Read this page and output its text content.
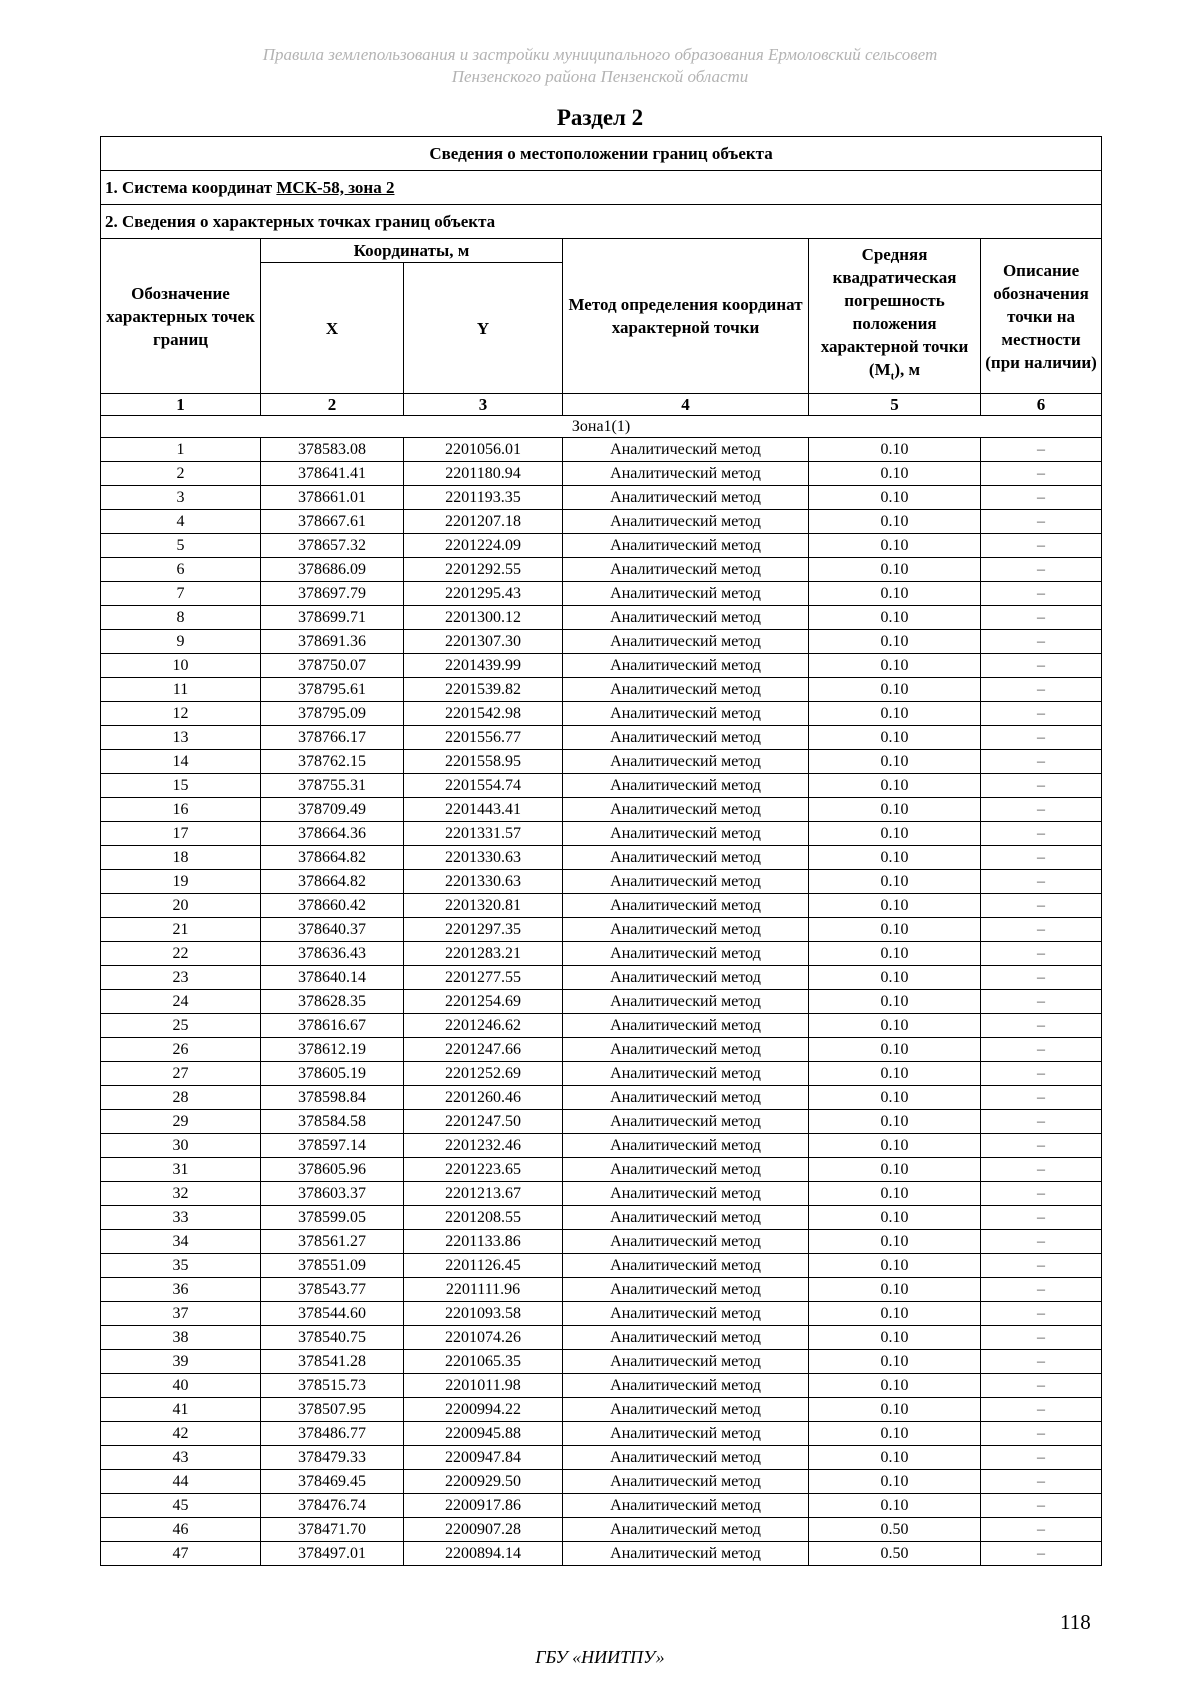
Правила землепользования и застройки муниципального образования Ермоловский сельсовет
Пензенского района Пензенской области
Раздел 2
Сведения о местоположении границ объекта					
1. Система координат МСК-58, зона 2					
2. Сведения о характерных точках границ объекта					
Обозначение характерных точек границ	Координаты, м		Метод определения координат характерной точки	Средняя квадратическая погрешность положения характерной точки $(M_t)$, м	Описание обозначения точки на местности (при наличии)
	X	Y			
1	2	3	4	5	6
Зона1(1)					
1	378583.08	2201056.01	Аналитический метод	0.10	–
2	378641.41	2201180.94	Аналитический метод	0.10	–
3	378661.01	2201193.35	Аналитический метод	0.10	–
4	378667.61	2201207.18	Аналитический метод	0.10	–
5	378657.32	2201224.09	Аналитический метод	0.10	–
6	378686.09	2201292.55	Аналитический метод	0.10	–
7	378697.79	2201295.43	Аналитический метод	0.10	–
8	378699.71	2201300.12	Аналитический метод	0.10	–
9	378691.36	2201307.30	Аналитический метод	0.10	–
10	378750.07	2201439.99	Аналитический метод	0.10	–
11	378795.61	2201539.82	Аналитический метод	0.10	–
12	378795.09	2201542.98	Аналитический метод	0.10	–
13	378766.17	2201556.77	Аналитический метод	0.10	–
14	378762.15	2201558.95	Аналитический метод	0.10	–
15	378755.31	2201554.74	Аналитический метод	0.10	–
16	378709.49	2201443.41	Аналитический метод	0.10	–
17	378664.36	2201331.57	Аналитический метод	0.10	–
18	378664.82	2201330.63	Аналитический метод	0.10	–
19	378664.82	2201330.63	Аналитический метод	0.10	–
20	378660.42	2201320.81	Аналитический метод	0.10	–
21	378640.37	2201297.35	Аналитический метод	0.10	–
22	378636.43	2201283.21	Аналитический метод	0.10	–
23	378640.14	2201277.55	Аналитический метод	0.10	–
24	378628.35	2201254.69	Аналитический метод	0.10	–
25	378616.67	2201246.62	Аналитический метод	0.10	–
26	378612.19	2201247.66	Аналитический метод	0.10	–
27	378605.19	2201252.69	Аналитический метод	0.10	–
28	378598.84	2201260.46	Аналитический метод	0.10	–
29	378584.58	2201247.50	Аналитический метод	0.10	–
30	378597.14	2201232.46	Аналитический метод	0.10	–
31	378605.96	2201223.65	Аналитический метод	0.10	–
32	378603.37	2201213.67	Аналитический метод	0.10	–
33	378599.05	2201208.55	Аналитический метод	0.10	–
34	378561.27	2201133.86	Аналитический метод	0.10	–
35	378551.09	2201126.45	Аналитический метод	0.10	–
36	378543.77	2201111.96	Аналитический метод	0.10	–
37	378544.60	2201093.58	Аналитический метод	0.10	–
38	378540.75	2201074.26	Аналитический метод	0.10	–
39	378541.28	2201065.35	Аналитический метод	0.10	–
40	378515.73	2201011.98	Аналитический метод	0.10	–
41	378507.95	2200994.22	Аналитический метод	0.10	–
42	378486.77	2200945.88	Аналитический метод	0.10	–
43	378479.33	2200947.84	Аналитический метод	0.10	–
44	378469.45	2200929.50	Аналитический метод	0.10	–
45	378476.74	2200917.86	Аналитический метод	0.10	–
46	378471.70	2200907.28	Аналитический метод	0.50	–
47	378497.01	2200894.14	Аналитический метод	0.50	–
118
ГБУ «НИИТПУ»
